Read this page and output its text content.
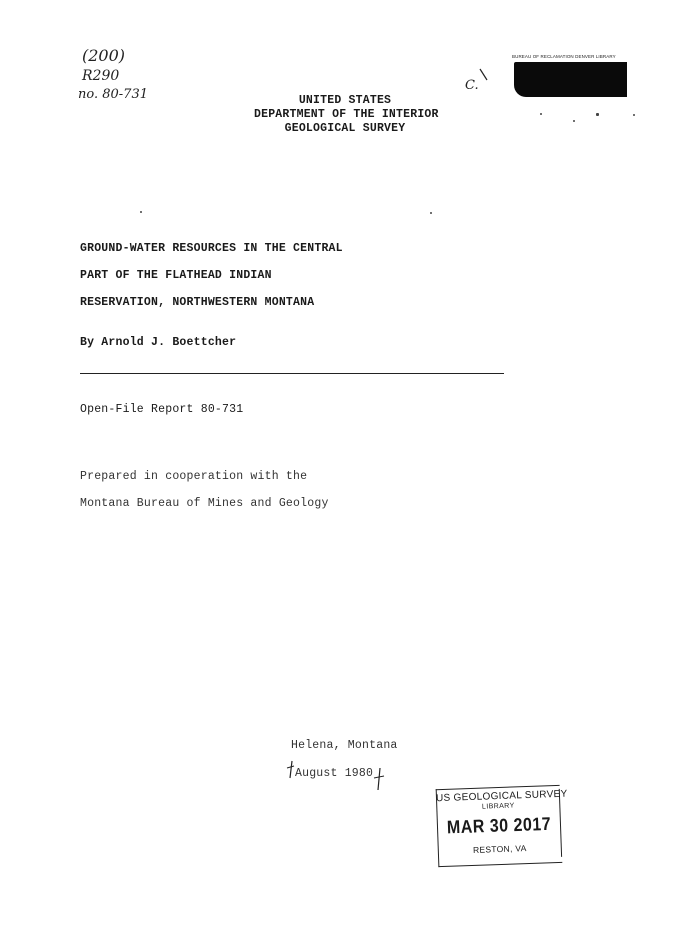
(200)
R290
no. 80-731
C.
BUREAU OF RECLAMATION DENVER LIBRARY
UNITED STATES
DEPARTMENT OF THE INTERIOR
GEOLOGICAL SURVEY
GROUND-WATER RESOURCES IN THE CENTRAL
PART OF THE FLATHEAD INDIAN
RESERVATION, NORTHWESTERN MONTANA
By Arnold J. Boettcher
Open-File Report 80-731
Prepared in cooperation with the
Montana Bureau of Mines and Geology
Helena, Montana
August 1980
US GEOLOGICAL SURVEY
LIBRARY
MAR 30 2017
RESTON, VA
